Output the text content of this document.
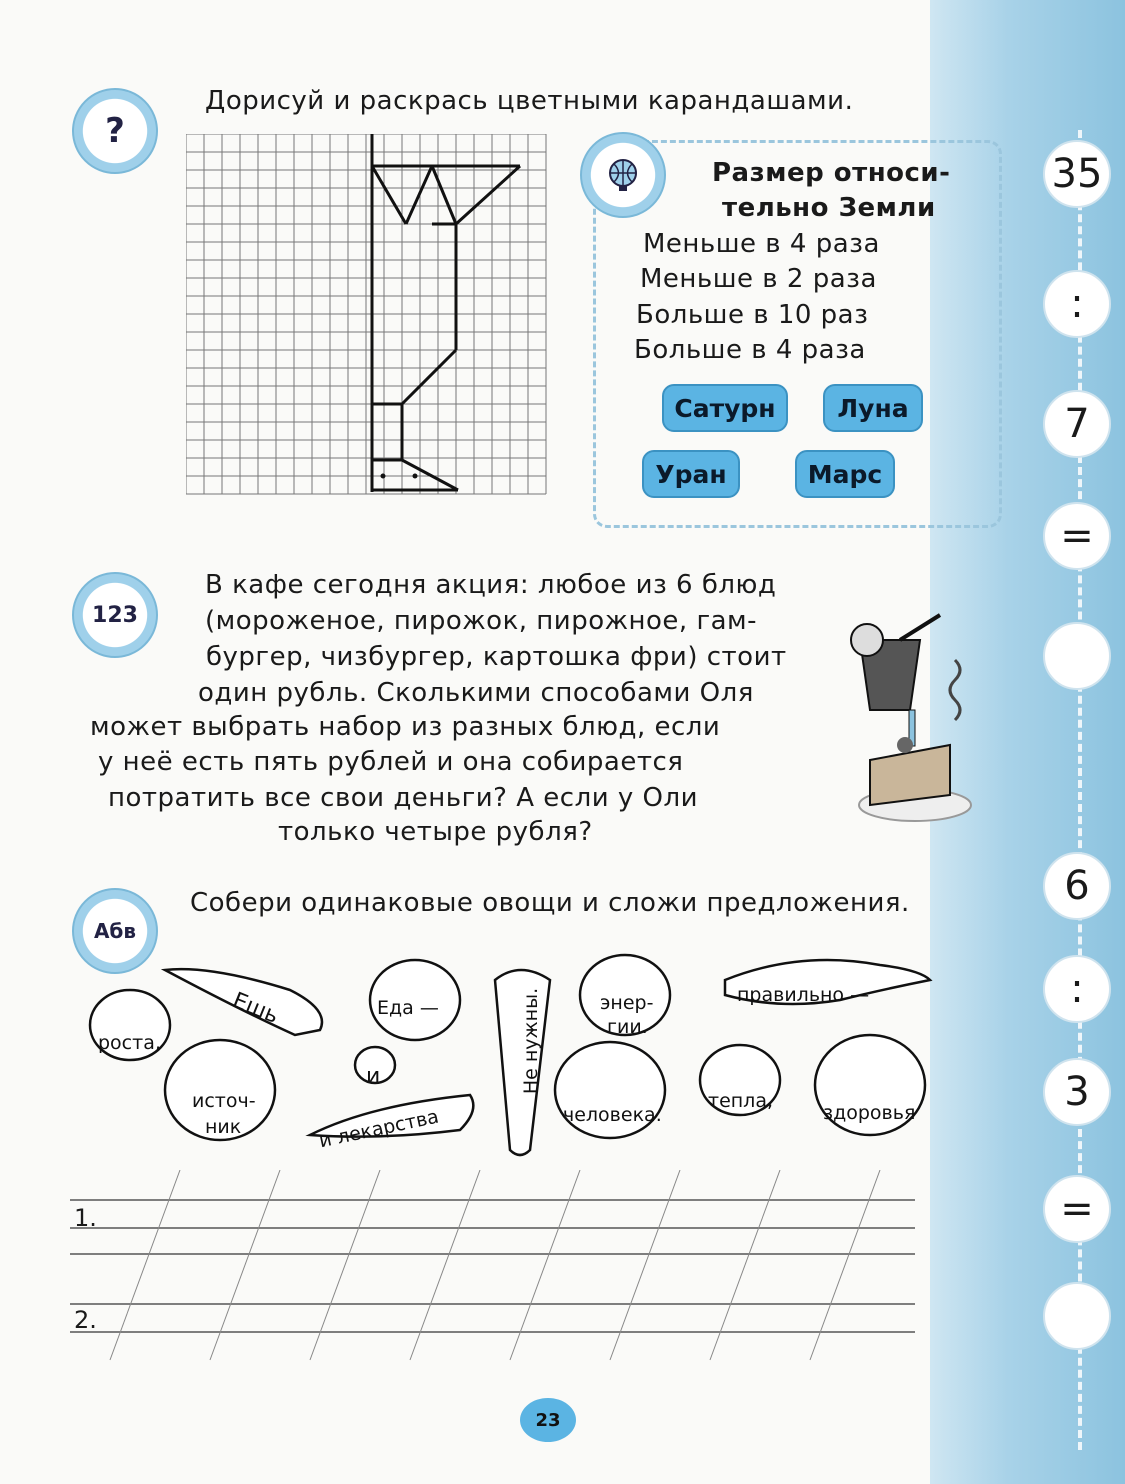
35
:
7
=
6
:
3
=
?
Дорисуй и раскрась цветными карандашами.
Размер относи-
тельно Земли
Меньше в 4 раза
Меньше в 2 раза
Больше в 10 раз
Больше в 4 раза
Сатурн	Луна
Уран	Марс
123
В кафе сегодня акция: любое из 6 блюд
(мороженое, пирожок, пирожное, гам-
бургер, чизбургер, картошка фри) стоит
один рубль. Сколькими способами Оля
может выбрать набор из разных блюд, если
у неё есть пять рублей и она собирается
потратить все свои деньги? А если у Оли
только четыре рубля?
Абв
Собери одинаковые овощи и сложи предложения.
Ешь
роста,
Еда —	Не нужны.	энер-
гии.
правильно —
и
источ-
ник	и лекарства	человека.
тепла,
здоровья
1.
2.
23
